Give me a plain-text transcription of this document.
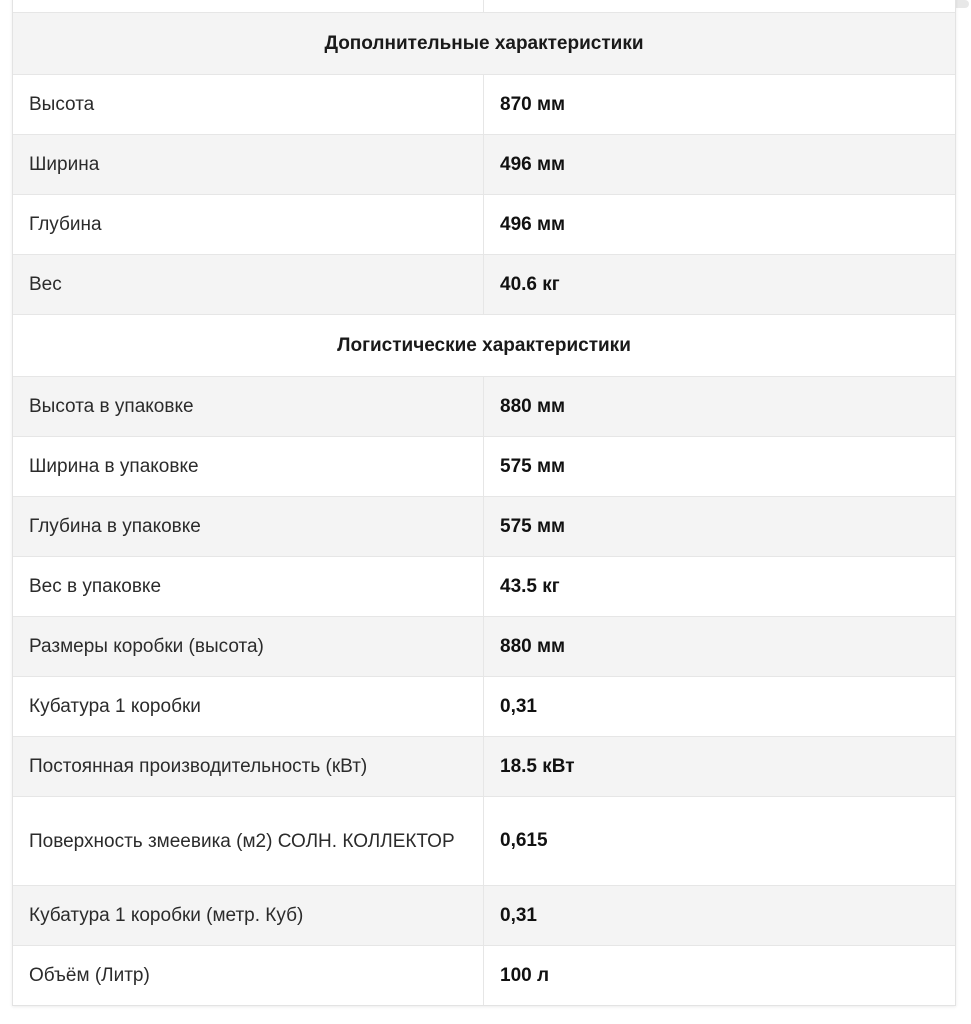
Дополнительные характеристики
Высота	870 мм
Ширина	496 мм
Глубина	496 мм
Вес	40.6 кг
Логистические характеристики
Высота в упаковке	880 мм
Ширина в упаковке	575 мм
Глубина в упаковке	575 мм
Вес в упаковке	43.5 кг
Размеры коробки (высота)	880 мм
Кубатура 1 коробки	0,31
Постоянная производительность (кВт)	18.5 кВт
Поверхность змеевика (м2) СОЛН. КОЛЛЕКТОР	0,615
Кубатура 1 коробки (метр. Куб)	0,31
Объём (Литр)	100 л
